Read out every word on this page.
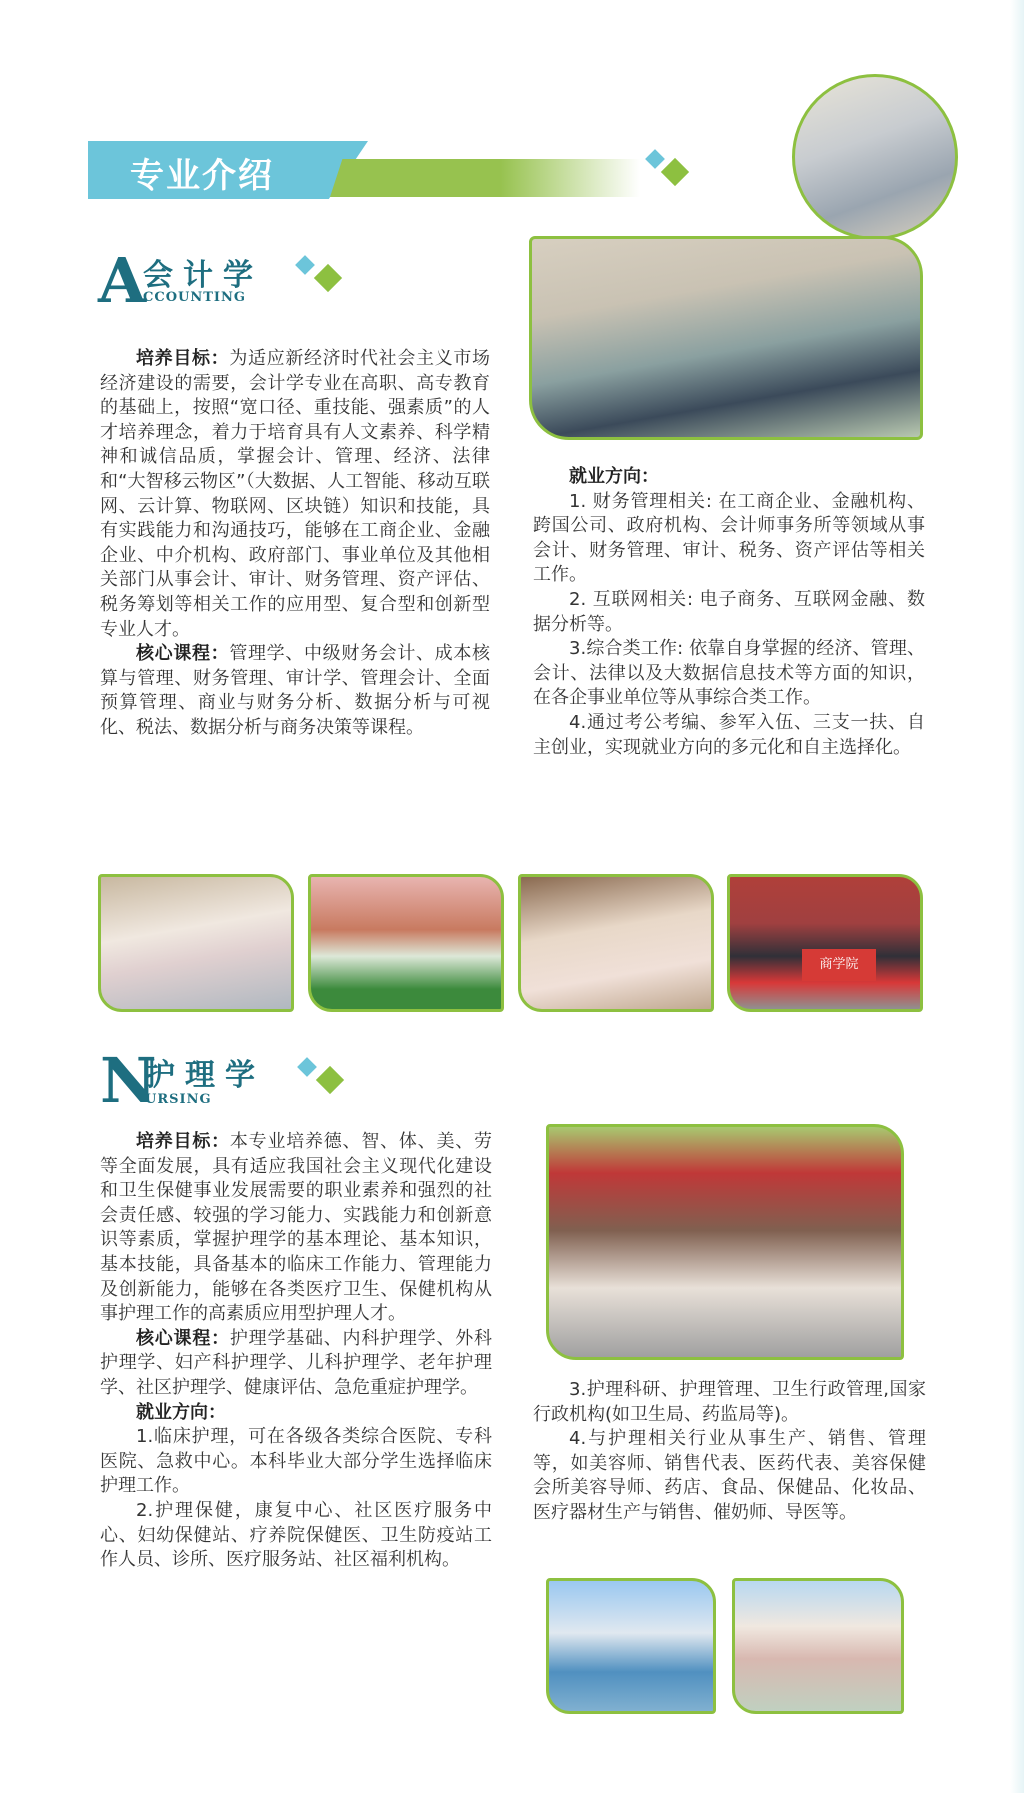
专业介绍
A
会计学
CCOUNTING

培养目标：为适应新经济时代社会主义市场经济建设的需要，会计学专业在高职、高专教育的基础上，按照“宽口径、重技能、强素质”的人才培养理念，着力于培育具有人文素养、科学精神和诚信品质，掌握会计、管理、经济、法律和“大智移云物区”（大数据、人工智能、移动互联网、云计算、物联网、区块链）知识和技能，具有实践能力和沟通技巧，能够在工商企业、金融企业、中介机构、政府部门、事业单位及其他相关部门从事会计、审计、财务管理、资产评估、税务筹划等相关工作的应用型、复合型和创新型专业人才。

核心课程：管理学、中级财务会计、成本核算与管理、财务管理、审计学、管理会计、全面预算管理、商业与财务分析、数据分析与可视化、税法、数据分析与商务决策等课程。

就业方向：

1. 财务管理相关: 在工商企业、金融机构、跨国公司、政府机构、会计师事务所等领域从事会计、财务管理、审计、税务、资产评估等相关工作。

2. 互联网相关: 电子商务、互联网金融、数据分析等。

3.综合类工作: 依靠自身掌握的经济、管理、会计、法律以及大数据信息技术等方面的知识，在各企事业单位等从事综合类工作。

4.通过考公考编、参军入伍、三支一扶、自主创业，实现就业方向的多元化和自主选择化。

商学院
N
护理学
URSING

培养目标：本专业培养德、智、体、美、劳等全面发展，具有适应我国社会主义现代化建设和卫生保健事业发展需要的职业素养和强烈的社会责任感、较强的学习能力、实践能力和创新意识等素质，掌握护理学的基本理论、基本知识，基本技能，具备基本的临床工作能力、管理能力及创新能力，能够在各类医疗卫生、保健机构从事护理工作的高素质应用型护理人才。

核心课程：护理学基础、内科护理学、外科护理学、妇产科护理学、儿科护理学、老年护理学、社区护理学、健康评估、急危重症护理学。

就业方向：

1.临床护理，可在各级各类综合医院、专科医院、急救中心。本科毕业大部分学生选择临床护理工作。

2.护理保健，康复中心、社区医疗服务中心、妇幼保健站、疗养院保健医、卫生防疫站工作人员、诊所、医疗服务站、社区福利机构。

3.护理科研、护理管理、卫生行政管理,国家行政机构(如卫生局、药监局等)。

4.与护理相关行业从事生产、销售、管理等，如美容师、销售代表、医药代表、美容保健会所美容导师、药店、食品、保健品、化妆品、医疗器材生产与销售、催奶师、导医等。
